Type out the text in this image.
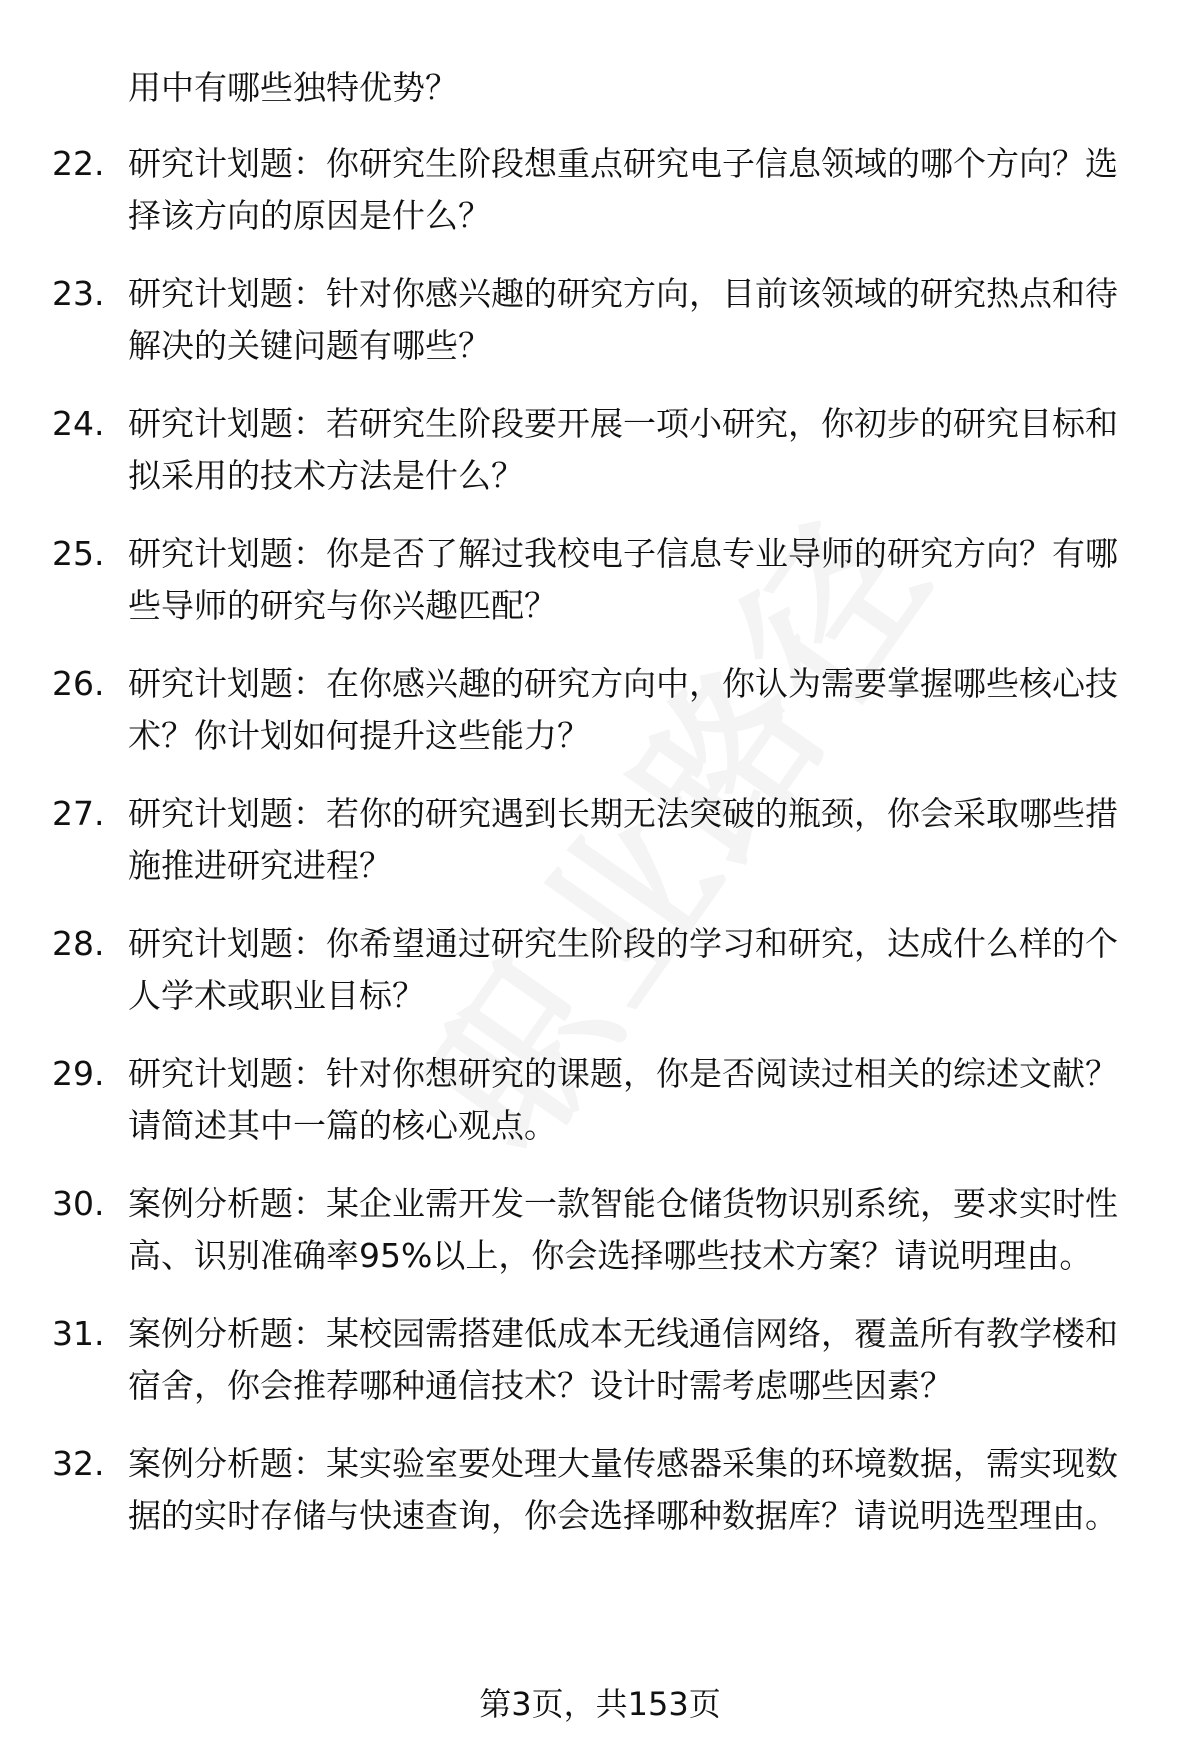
用中有哪些独特优势？
22. 研究计划题：你研究生阶段想重点研究电子信息领域的哪个方向？选择该方向的原因是什么？
23. 研究计划题：针对你感兴趣的研究方向，目前该领域的研究热点和待解决的关键问题有哪些？
24. 研究计划题：若研究生阶段要开展一项小研究，你初步的研究目标和拟采用的技术方法是什么？
25. 研究计划题：你是否了解过我校电子信息专业导师的研究方向？有哪些导师的研究与你兴趣匹配？
26. 研究计划题：在你感兴趣的研究方向中，你认为需要掌握哪些核心技术？你计划如何提升这些能力？
27. 研究计划题：若你的研究遇到长期无法突破的瓶颈，你会采取哪些措施推进研究进程？
28. 研究计划题：你希望通过研究生阶段的学习和研究，达成什么样的个人学术或职业目标？
29. 研究计划题：针对你想研究的课题，你是否阅读过相关的综述文献？请简述其中一篇的核心观点。
30. 案例分析题：某企业需开发一款智能仓储货物识别系统，要求实时性高、识别准确率95%以上，你会选择哪些技术方案？请说明理由。
31. 案例分析题：某校园需搭建低成本无线通信网络，覆盖所有教学楼和宿舍，你会推荐哪种通信技术？设计时需考虑哪些因素？
32. 案例分析题：某实验室要处理大量传感器采集的环境数据，需实现数据的实时存储与快速查询，你会选择哪种数据库？请说明选型理由。
第3页，共153页
